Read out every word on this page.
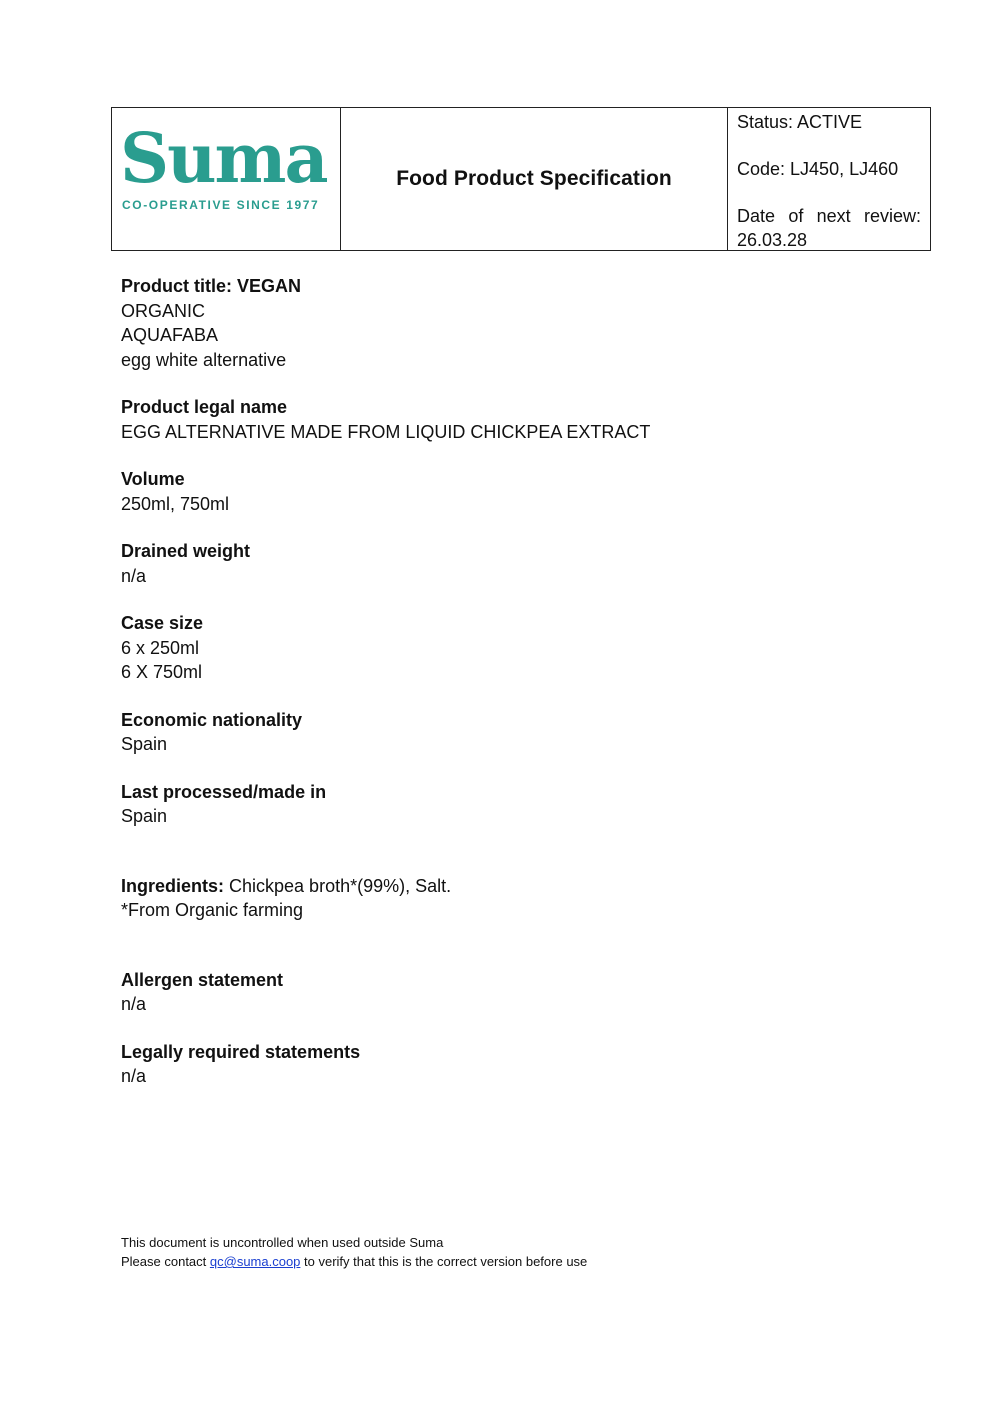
Suma
CO-OPERATIVE SINCE 1977
Food Product Specification

Status: ACTIVE

Code: LJ450, LJ460

Date of next review:

26.03.28

Product title: VEGAN
ORGANIC
AQUAFABA
egg white alternative
Product legal name
EGG ALTERNATIVE MADE FROM LIQUID CHICKPEA EXTRACT
Volume
250ml, 750ml
Drained weight
n/a
Case size
6 x 250ml
6 X 750ml
Economic nationality
Spain
Last processed/made in
Spain
Ingredients: Chickpea broth*(99%), Salt.
*From Organic farming
Allergen statement
n/a
Legally required statements
n/a
This document is uncontrolled when used outside Suma
Please contact qc@suma.coop to verify that this is the correct version before use
